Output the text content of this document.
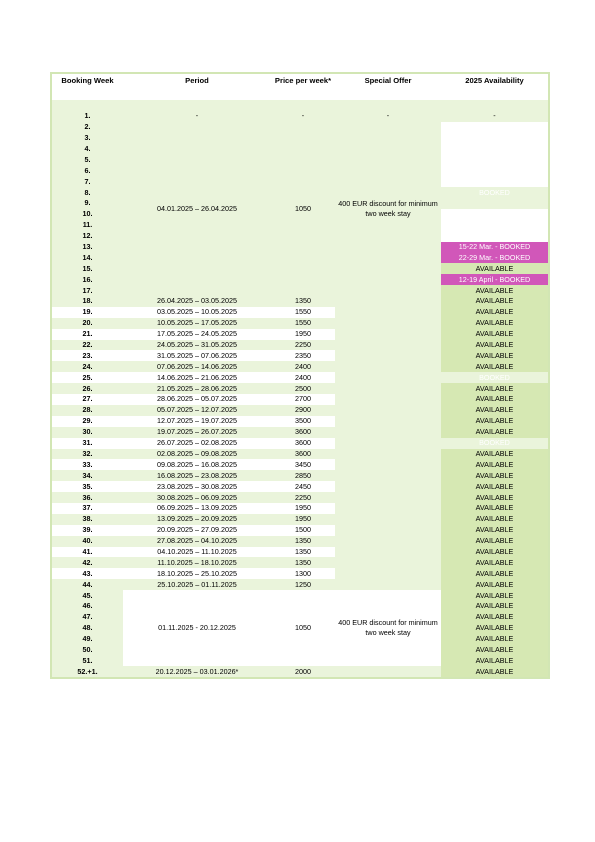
Booking Week	Period	Price per week*	Special Offer	2025 Availability

1.	-	-	-	-
2.	04.01.2025 – 26.04.2025	1050	400 EUR discount for minimum two week stay	
3.				
4.				
5.				
6.				
7.				
8.				BOOKED
9.				
10.				
11.				
12.				
13.				15-22 Mar. - BOOKED
14.				22-29 Mar. - BOOKED
15.				AVAILABLE
16.				12-19 April - BOOKED
17.				AVAILABLE
18.	26.04.2025 – 03.05.2025	1350		AVAILABLE
19.	03.05.2025 – 10.05.2025	1550		AVAILABLE
20.	10.05.2025 – 17.05.2025	1550		AVAILABLE
21.	17.05.2025 – 24.05.2025	1950		AVAILABLE
22.	24.05.2025 – 31.05.2025	2250		AVAILABLE
23.	31.05.2025 – 07.06.2025	2350		AVAILABLE
24.	07.06.2025 – 14.06.2025	2400		AVAILABLE
25.	14.06.2025 – 21.06.2025	2400		BOOKED
26.	21.05.2025 – 28.06.2025	2500		AVAILABLE
27.	28.06.2025 – 05.07.2025	2700		AVAILABLE
28.	05.07.2025 – 12.07.2025	2900		AVAILABLE
29.	12.07.2025 – 19.07.2025	3500		AVAILABLE
30.	19.07.2025 – 26.07.2025	3600		AVAILABLE
31.	26.07.2025 – 02.08.2025	3600		BOOKED
32.	02.08.2025 – 09.08.2025	3600		AVAILABLE
33.	09.08.2025 – 16.08.2025	3450		AVAILABLE
34.	16.08.2025 – 23.08.2025	2850		AVAILABLE
35.	23.08.2025 – 30.08.2025	2450		AVAILABLE
36.	30.08.2025 – 06.09.2025	2250		AVAILABLE
37.	06.09.2025 – 13.09.2025	1950		AVAILABLE
38.	13.09.2025 – 20.09.2025	1950		AVAILABLE
39.	20.09.2025 – 27.09.2025	1500		AVAILABLE
40.	27.08.2025 – 04.10.2025	1350		AVAILABLE
41.	04.10.2025 – 11.10.2025	1350		AVAILABLE
42.	11.10.2025 – 18.10.2025	1350		AVAILABLE
43.	18.10.2025 – 25.10.2025	1300		AVAILABLE
44.	25.10.2025 – 01.11.2025	1250		AVAILABLE
45.	01.11.2025 - 20.12.2025	1050	400 EUR discount for minimum two week stay	AVAILABLE
46.				AVAILABLE
47.				AVAILABLE
48.				AVAILABLE
49.				AVAILABLE
50.				AVAILABLE
51.				AVAILABLE
52.+1.	20.12.2025 – 03.01.2026*	2000		AVAILABLE
